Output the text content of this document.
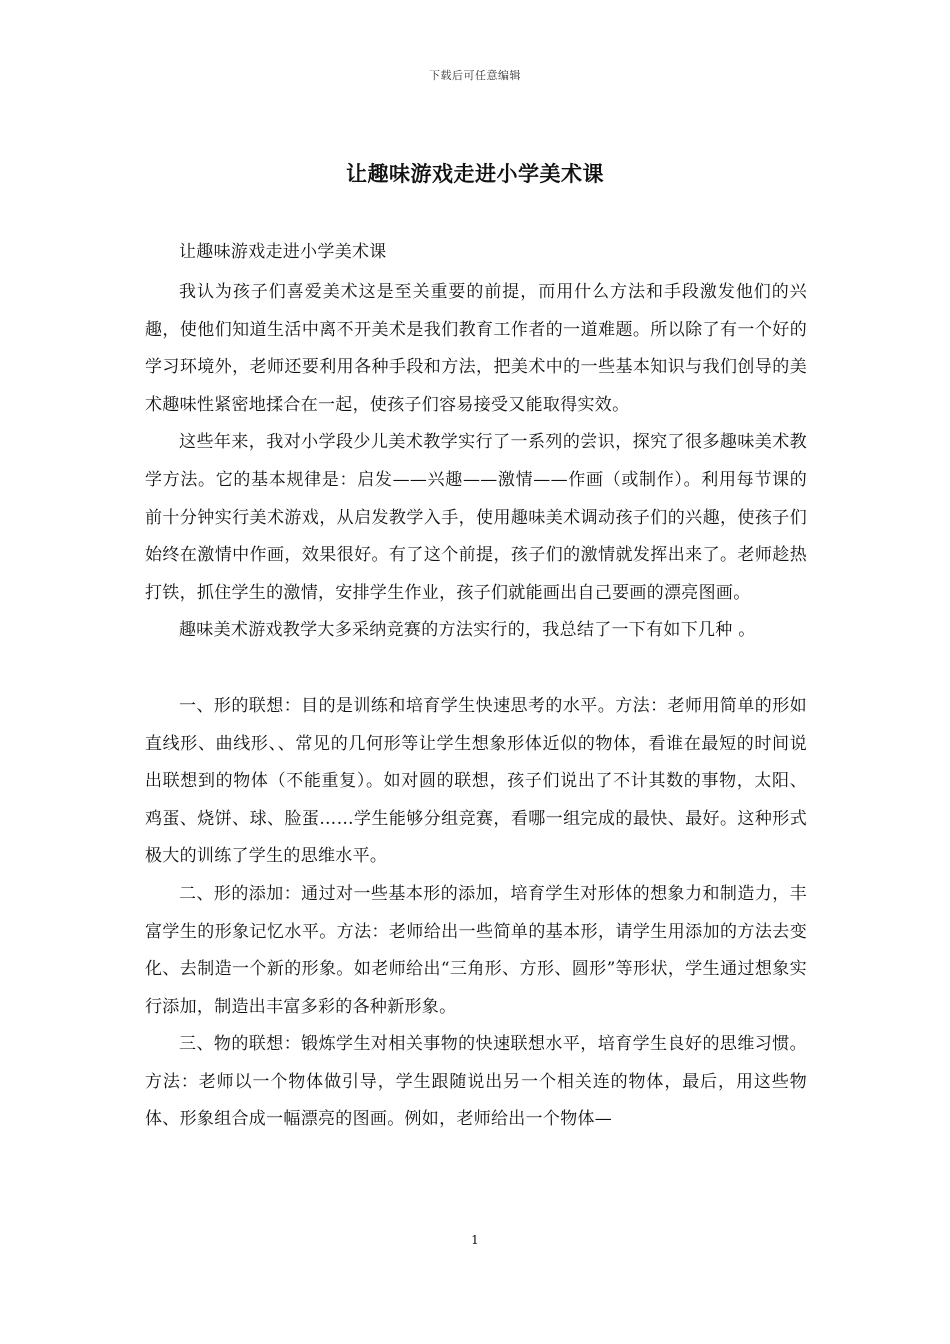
下载后可任意编辑
让趣味游戏走进小学美术课

让趣味游戏走进小学美术课

我认为孩子们喜爱美术这是至关重要的前提，而用什么方法和手段激发他们的兴趣，使他们知道生活中离不开美术是我们教育工作者的一道难题。所以除了有一个好的学习环境外，老师还要利用各种手段和方法，把美术中的一些基本知识与我们创导的美术趣味性紧密地揉合在一起，使孩子们容易接受又能取得实效。

这些年来，我对小学段少儿美术教学实行了一系列的尝识，探究了很多趣味美术教学方法。它的基本规律是：启发——兴趣——激情——作画（或制作）。利用每节课的前十分钟实行美术游戏，从启发教学入手，使用趣味美术调动孩子们的兴趣，使孩子们始终在激情中作画，效果很好。有了这个前提，孩子们的激情就发挥出来了。老师趁热打铁，抓住学生的激情，安排学生作业，孩子们就能画出自己要画的漂亮图画。

趣味美术游戏教学大多采纳竞赛的方法实行的，我总结了一下有如下几种 。

一、形的联想：目的是训练和培育学生快速思考的水平。方法：老师用简单的形如直线形、曲线形、、常见的几何形等让学生想象形体近似的物体，看谁在最短的时间说出联想到的物体（不能重复）。如对圆的联想，孩子们说出了不计其数的事物，太阳、鸡蛋、烧饼、球、脸蛋……学生能够分组竞赛，看哪一组完成的最快、最好。这种形式极大的训练了学生的思维水平。

二、形的添加：通过对一些基本形的添加，培育学生对形体的想象力和制造力，丰富学生的形象记忆水平。方法：老师给出一些简单的基本形，请学生用添加的方法去变化、去制造一个新的形象。如老师给出“三角形、方形、圆形”等形状，学生通过想象实行添加，制造出丰富多彩的各种新形象。

三、物的联想：锻炼学生对相关事物的快速联想水平，培育学生良好的思维习惯。方法：老师以一个物体做引导，学生跟随说出另一个相关连的物体，最后，用这些物体、形象组合成一幅漂亮的图画。例如，老师给出一个物体—

1
